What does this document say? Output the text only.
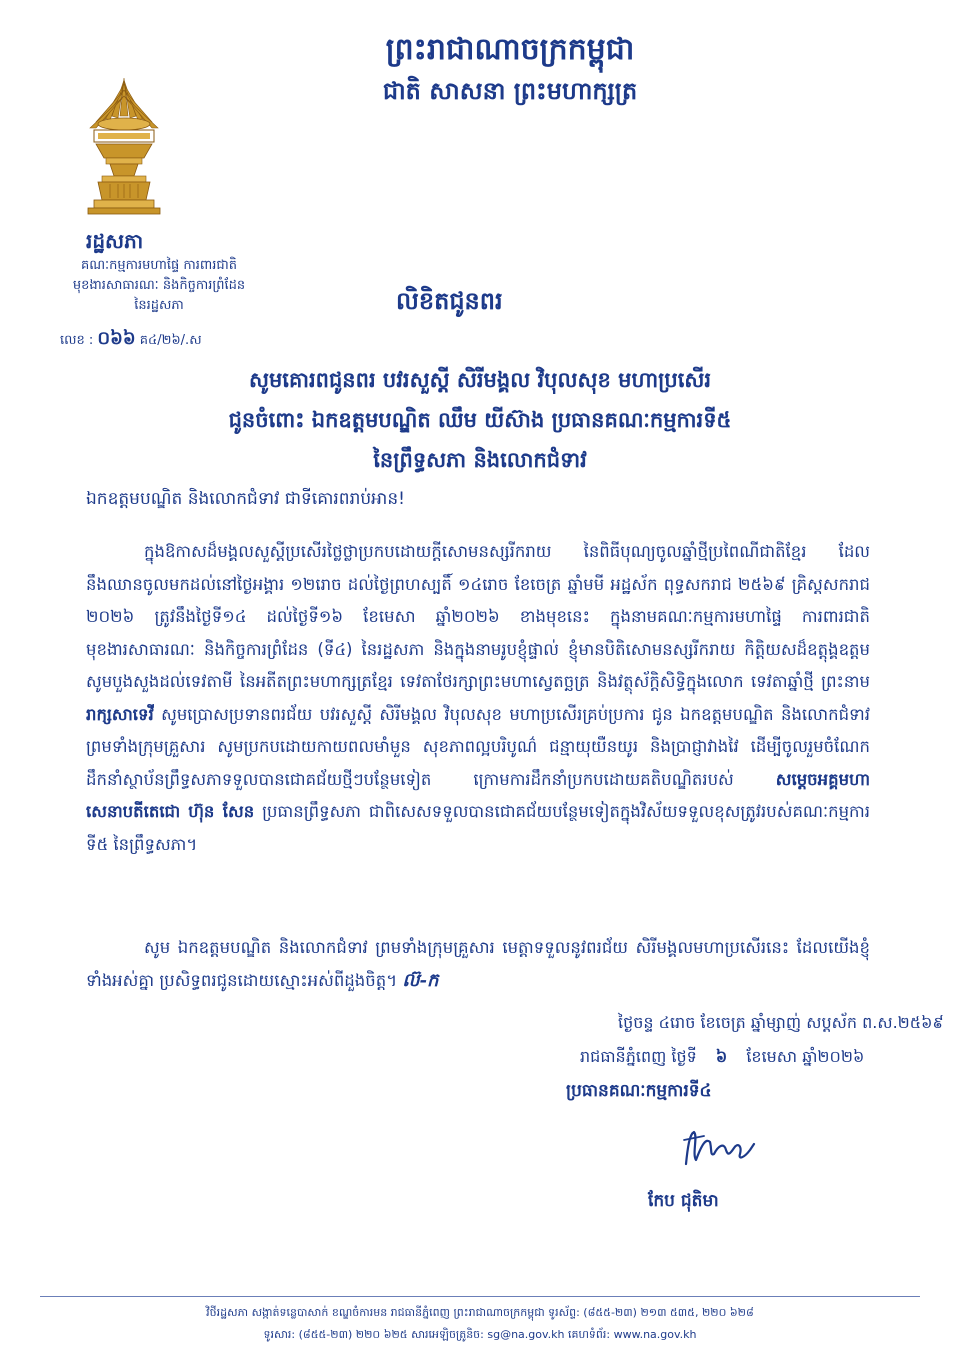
ព្រះរាជាណាចក្រកម្ពុជា
ជាតិ សាសនា ព្រះមហាក្សត្រ
រដ្ឋសភា
គណៈកម្មការមហាផ្ទៃ ការពារជាតិ
មុខងារសាធារណៈ និងកិច្ចការព្រំដែន
នៃរដ្ឋសភា
លេខ : ០៦៦ គ៤/២៦/.ស
លិខិតជូនពរ
សូមគោរពជូនពរ បវរសួស្តី សិរីមង្គល វិបុលសុខ មហាប្រសើរ
ជូនចំពោះ ឯកឧត្តមបណ្ឌិត ឈឹម យីស៊ាង ប្រធានគណៈកម្មការទី៥
នៃព្រឹទ្ធសភា និងលោកជំទាវ
ឯកឧត្តមបណ្ឌិត និងលោកជំទាវ ជាទីគោរពរាប់អាន!
ក្នុងឱកាសដ៏មង្គលសួស្តីប្រសើរថ្លៃថ្លាប្រកបដោយក្តីសោមនស្សរីករាយ នៃពិធីបុណ្យចូលឆ្នាំថ្មីប្រពៃណីជាតិខ្មែរ ដែលនឹងឈានចូលមកដល់នៅថ្ងៃអង្គារ ១២រោច ដល់ថ្ងៃព្រហស្បតិ៍ ១៤រោច ខែចេត្រ ឆ្នាំមមី អដ្ឋស័ក ពុទ្ធសករាជ ២៥៦៩ គ្រិស្តសករាជ ២០២៦ ត្រូវនឹងថ្ងៃទី១៤ ដល់ថ្ងៃទី១៦ ខែមេសា ឆ្នាំ២០២៦ ខាងមុខនេះ ក្នុងនាមគណៈកម្មការមហាផ្ទៃ ការពារជាតិ មុខងារសាធារណៈ និងកិច្ចការព្រំដែន (ទី៤) នៃរដ្ឋសភា និងក្នុងនាមរូបខ្ញុំផ្ទាល់ ខ្ញុំមានបិតិសោមនស្សរីករាយ កិត្តិយសដ៏ឧត្តុង្គឧត្តម សូមបួងសួងដល់ទេវតាមី នៃអតីតព្រះមហាក្សត្រខ្មែរ ទេវតាថែរក្សាព្រះមហាស្វេតច្ឆត្រ និងវត្ថុស័ក្តិសិទ្ធិក្នុងលោក ទេវតាឆ្នាំថ្មី ព្រះនាម រាក្សសាទេវី សូមប្រោសប្រទានពរជ័យ បវរសួស្តី សិរីមង្គល វិបុលសុខ មហាប្រសើរគ្រប់ប្រការ ជូន ឯកឧត្តមបណ្ឌិត និងលោកជំទាវ ព្រមទាំងក្រុមគ្រួសារ សូមប្រកបដោយកាយពលមាំមួន សុខភាពល្អបរិបូណ៌ ជន្មាយុយឺនយូរ និងប្រាជ្ញាវាងវៃ ដើម្បីចូលរួមចំណែកដឹកនាំស្ថាប័នព្រឹទ្ធសភាទទួលបានជោគជ័យថ្មីៗបន្ថែមទៀត ក្រោមការដឹកនាំប្រកបដោយគតិបណ្ឌិតរបស់	សម្តេចអគ្គមហាសេនាបតីតេជោ ហ៊ុន សែន ប្រធានព្រឹទ្ធសភា ជាពិសេសទទួលបានជោគជ័យបន្ថែមទៀតក្នុងវិស័យទទួលខុសត្រូវរបស់គណៈកម្មការទី៥ នៃព្រឹទ្ធសភា។
សូម ឯកឧត្តមបណ្ឌិត និងលោកជំទាវ ព្រមទាំងក្រុមគ្រួសារ មេត្តាទទួលនូវពរជ័យ សិរីមង្គលមហាប្រសើរនេះ ដែលយើងខ្ញុំទាំងអស់គ្នា ប្រសិទ្ធពរជូនដោយស្មោះអស់ពីដួងចិត្ត។ ល៊-ក
ថ្ងៃចន្ទ ៤រោច ខែចេត្រ ឆ្នាំម្សាញ់ សប្តស័ក ព.ស.២៥៦៩
រាជធានីភ្នំពេញ ថ្ងៃទី ៦ ខែមេសា ឆ្នាំ២០២៦
ប្រធានគណៈកម្មការទី៤
កែប ជុតិមា
វិថីរដ្ឋសភា សង្កាត់ទន្លេបាសាក់ ខណ្ឌចំការមន រាជធានីភ្នំពេញ ព្រះរាជាណាចក្រកម្ពុជា ទូរស័ព្ទ: (៨៥៥-២៣) ២១៣ ៥៣៥, ២២០ ៦២៨
ទូរសារ: (៨៥៥-២៣) ២២០ ៦២៥ សារអេឡិចត្រូនិច: sg@na.gov.kh គេហទំព័រ: www.na.gov.kh
